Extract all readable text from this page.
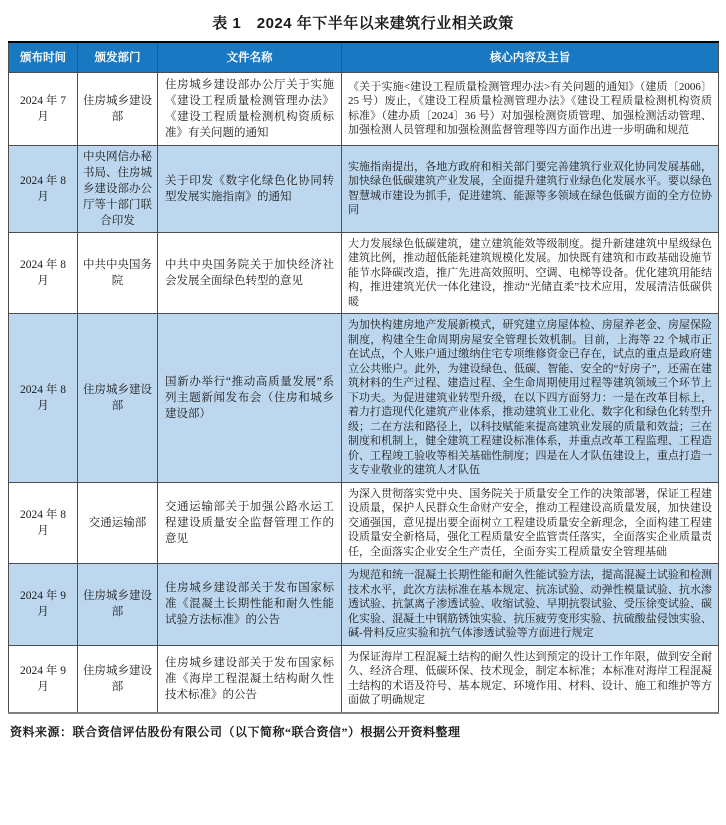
表 1　2024 年下半年以来建筑行业相关政策
颁布时间	颁发部门	文件名称	核心内容及主旨
2024 年 7 月	住房城乡建设部	住房城乡建设部办公厅关于实施《建设工程质量检测管理办法》《建设工程质量检测机构资质标准》有关问题的通知	《关于实施<建设工程质量检测管理办法>有关问题的通知》（建质〔2006〕25 号）废止，《建设工程质量检测管理办法》《建设工程质量检测机构资质标准》（建办质〔2024〕36 号）对加强检测资质管理、加强检测活动管理、加强检测人员管理和加强检测监督管理等四方面作出进一步明确和规范
2024 年 8 月	中央网信办秘书局、住房城乡建设部办公厅等十部门联合印发	关于印发《数字化绿色化协同转型发展实施指南》的通知	实施指南提出，各地方政府和相关部门要完善建筑行业双化协同发展基础，加快绿色低碳建筑产业发展，全面提升建筑行业绿色化发展水平。要以绿色智慧城市建设为抓手，促进建筑、能源等多领域在绿色低碳方面的全方位协同
2024 年 8 月	中共中央国务院	中共中央国务院关于加快经济社会发展全面绿色转型的意见	大力发展绿色低碳建筑，建立建筑能效等级制度。提升新建建筑中星级绿色建筑比例，推动超低能耗建筑规模化发展。加快既有建筑和市政基础设施节能节水降碳改造，推广先进高效照明、空调、电梯等设备。优化建筑用能结构，推进建筑光伏一体化建设，推动“光储直柔”技术应用，发展清洁低碳供暖
2024 年 8 月	住房城乡建设部	国新办举行“推动高质量发展”系列主题新闻发布会（住房和城乡建设部）	为加快构建房地产发展新模式，研究建立房屋体检、房屋养老金、房屋保险制度，构建全生命周期房屋安全管理长效机制。目前，上海等 22 个城市正在试点，个人账户通过缴纳住宅专项维修资金已存在，试点的重点是政府建立公共账户。此外，为建设绿色、低碳、智能、安全的“好房子”，还需在建筑材料的生产过程、建造过程、全生命周期使用过程等建筑领域三个环节上下功夫。为促进建筑业转型升级，在以下四方面努力：一是在改革目标上，着力打造现代化建筑产业体系，推动建筑业工业化、数字化和绿色化转型升级；二在方法和路径上，以科技赋能来提高建筑业发展的质量和效益；三在制度和机制上，健全建筑工程建设标准体系，并重点改革工程监理、工程造价、工程竣工验收等相关基础性制度；四是在人才队伍建设上，重点打造一支专业敬业的建筑人才队伍
2024 年 8 月	交通运输部	交通运输部关于加强公路水运工程建设质量安全监督管理工作的意见	为深入贯彻落实党中央、国务院关于质量安全工作的决策部署，保证工程建设质量，保护人民群众生命财产安全，推动工程建设高质量发展，加快建设交通强国，意见提出要全面树立工程建设质量安全新理念，全面构建工程建设质量安全新格局，强化工程质量安全监管责任落实，全面落实企业质量责任，全面落实企业安全生产责任，全面夯实工程质量安全管理基础
2024 年 9 月	住房城乡建设部	住房城乡建设部关于发布国家标准《混凝土长期性能和耐久性能试验方法标准》的公告	为规范和统一混凝土长期性能和耐久性能试验方法，提高混凝土试验和检测技术水平，此次方法标准在基本规定、抗冻试验、动弹性模量试验、抗水渗透试验、抗氯离子渗透试验、收缩试验、早期抗裂试验、受压徐变试验、碳化实验、混凝土中钢筋锈蚀实验、抗压疲劳变形实验、抗硫酸盐侵蚀实验、碱-骨料反应实验和抗气体渗透试验等方面进行规定
2024 年 9 月	住房城乡建设部	住房城乡建设部关于发布国家标准《海岸工程混凝土结构耐久性技术标准》的公告	为保证海岸工程混凝土结构的耐久性达到预定的设计工作年限，做到安全耐久、经济合理、低碳环保、技术现金，制定本标准；本标准对海岸工程混凝土结构的术语及符号、基本规定、环境作用、材料、设计、施工和维护等方面做了明确规定
资料来源：联合资信评估股份有限公司（以下简称“联合资信”）根据公开资料整理
